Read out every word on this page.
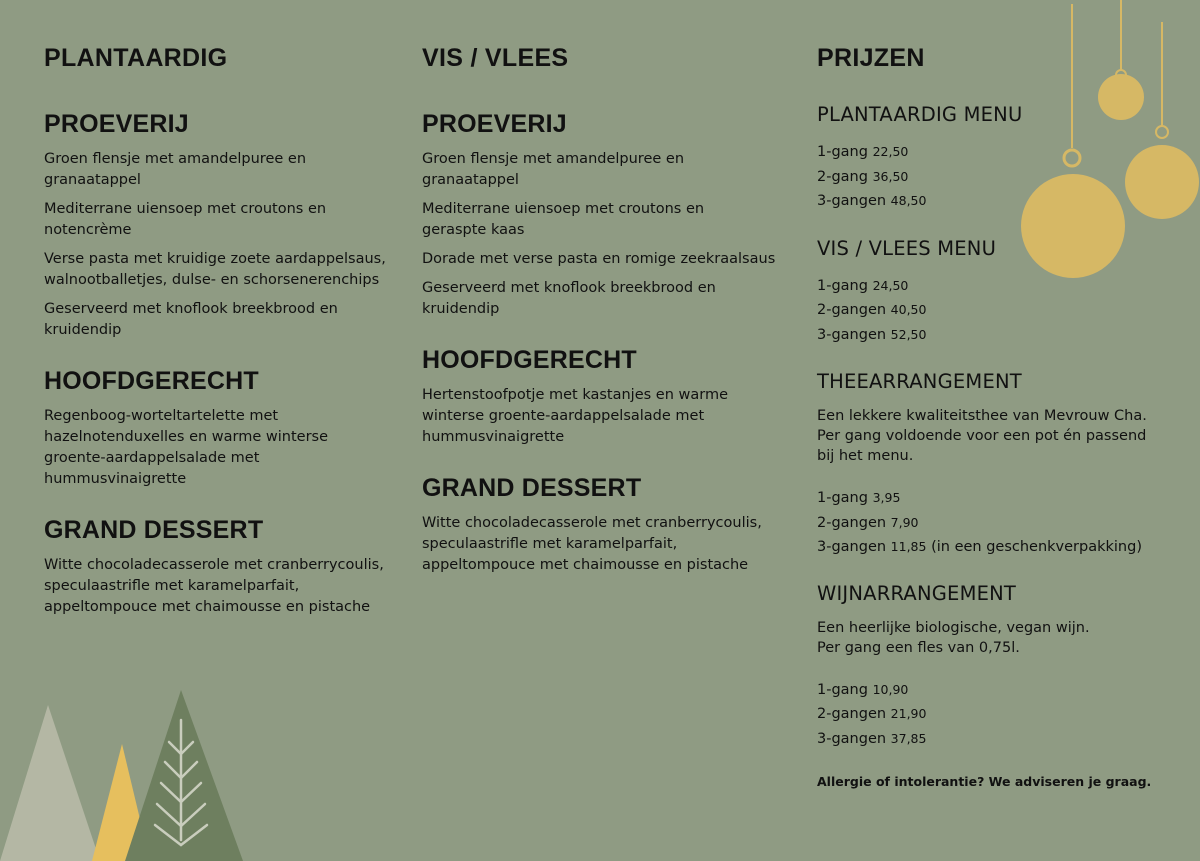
PLANTAARDIG
PROEVERIJ

Groen flensje met amandelpuree en granaatappel

Mediterrane uiensoep met croutons en notencrème

Verse pasta met kruidige zoete aardappelsaus, walnootballetjes, dulse- en schorsenerenchips

Geserveerd met knoflook breekbrood en kruidendip

HOOFDGERECHT

Regenboog-worteltartelette met hazelnotenduxelles en warme winterse groente-aardappelsalade met hummusvinaigrette

GRAND DESSERT

Witte chocoladecasserole met cranberrycoulis, speculaastrifle met karamelparfait, appeltompouce met chaimousse en pistache

VIS / VLEES
PROEVERIJ

Groen flensje met amandelpuree en granaatappel

Mediterrane uiensoep met croutons en geraspte kaas

Dorade met verse pasta en romige zeekraalsaus

Geserveerd met knoflook breekbrood en kruidendip

HOOFDGERECHT

Hertenstoofpotje met kastanjes en warme winterse groente-aardappelsalade met hummusvinaigrette

GRAND DESSERT

Witte chocoladecasserole met cranberrycoulis, speculaastrifle met karamelparfait, appeltompouce met chaimousse en pistache

PRIJZEN
PLANTAARDIG MENU
1-gang 22,50
2-gang 36,50
3-gangen 48,50
VIS / VLEES MENU
1-gang 24,50
2-gangen 40,50
3-gangen 52,50
THEEARRANGEMENT

Een lekkere kwaliteitsthee van Mevrouw Cha.

Per gang voldoende voor een pot én passend bij het menu.

1-gang 3,95
2-gangen 7,90
3-gangen 11,85 (in een geschenkverpakking)
WIJNARRANGEMENT

Een heerlijke biologische, vegan wijn.

Per gang een fles van 0,75l.

1-gang 10,90
2-gangen 21,90
3-gangen 37,85

Allergie of intolerantie? We adviseren je graag.
